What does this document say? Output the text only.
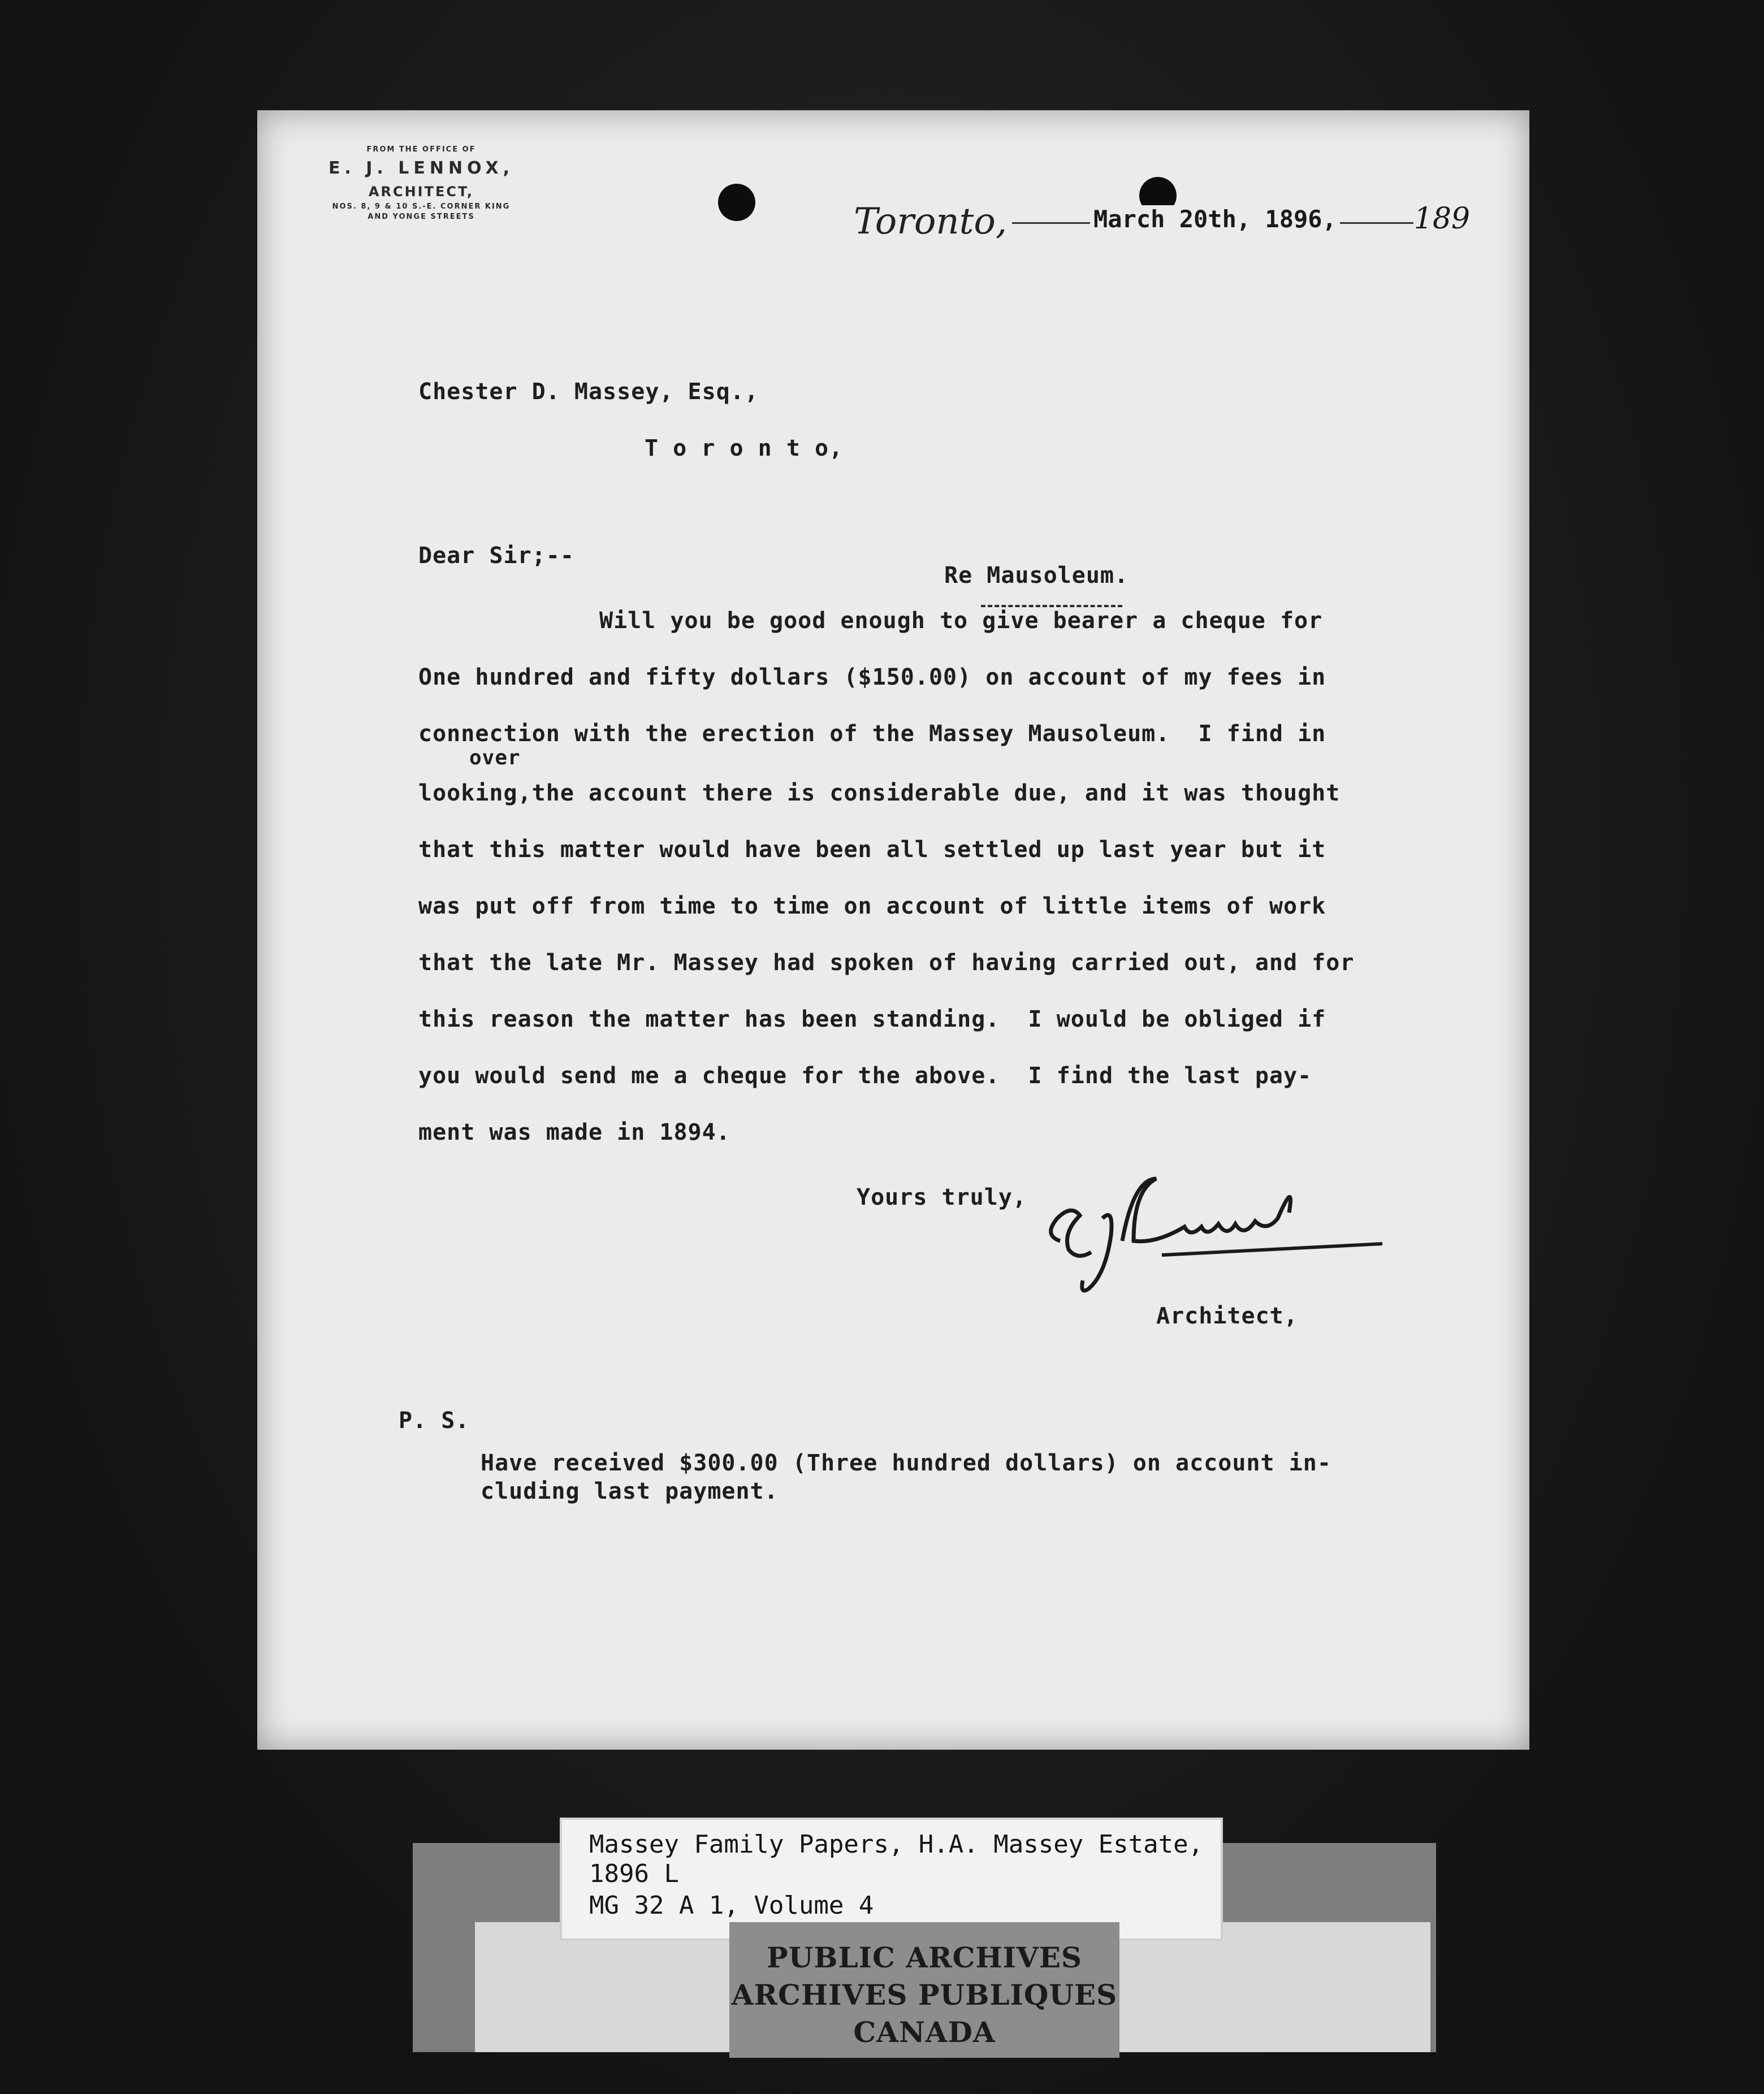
FROM THE OFFICE OF
E. J. LENNOX,
ARCHITECT,
NOS. 8, 9 & 10 S.-E. CORNER KING
AND YONGE STREETS	Toronto,	March 20th, 1896,	189
Chester D. Massey, Esq.,
T o r o n t o,
Dear Sir;--
Re Mausoleum.
Will you be good enough to give bearer a cheque for
One hundred and fifty dollars ($150.00) on account of my fees in
connection with the erection of the Massey Mausoleum.  I find in
over
looking,the account there is considerable due, and it was thought
that this matter would have been all settled up last year but it
was put off from time to time on account of little items of work
that the late Mr. Massey had spoken of having carried out, and for
this reason the matter has been standing.  I would be obliged if
you would send me a cheque for the above.  I find the last pay-
ment was made in 1894.
Yours truly,
Architect,
P. S.
Have received $300.00 (Three hundred dollars) on account in-
cluding last payment.
Massey Family Papers, H.A. Massey Estate,
1896 L
MG 32 A 1, Volume 4
PUBLIC ARCHIVES
ARCHIVES PUBLIQUES
CANADA
